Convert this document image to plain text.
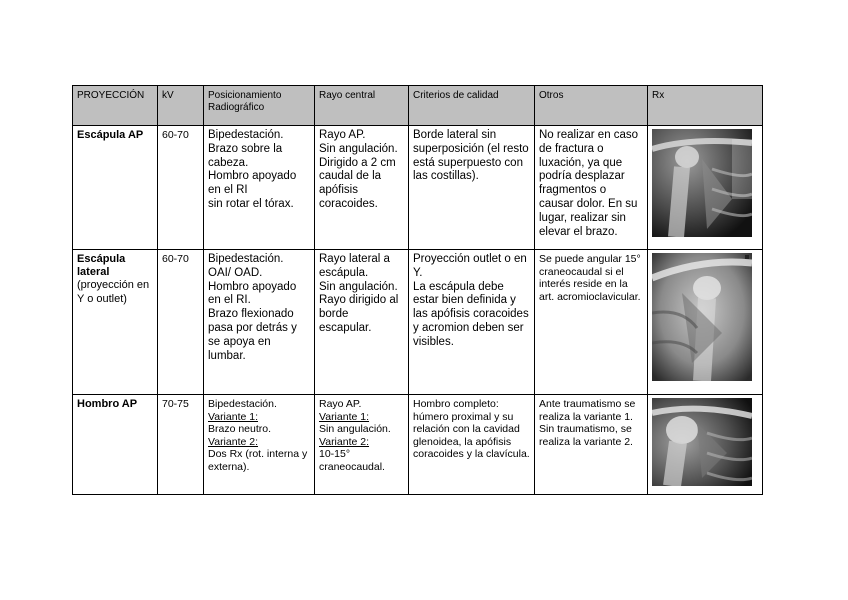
PROYECCIÓN	kV	Posicionamiento Radiográfico	Rayo central	Criterios de calidad	Otros	Rx

Escápula AP	60-70	Bipedestación.
Brazo sobre la cabeza.
Hombro apoyado en el RI
sin rotar el tórax.	Rayo AP.
Sin angulación.
Dirigido a 2 cm caudal de la apófisis coracoides.	Borde lateral sin superposición (el resto está superpuesto con las costillas).	No realizar en caso de fractura o luxación, ya que podría desplazar fragmentos o causar dolor. En su lugar, realizar sin elevar el brazo.	

Escápula lateral
(proyección en Y o outlet)	60-70	Bipedestación.
OAI/ OAD.
Hombro apoyado en el RI.
Brazo flexionado pasa por detrás y se apoya en lumbar.	Rayo lateral a escápula.
Sin angulación.
Rayo dirigido al borde escapular.	Proyección outlet o en Y.
La escápula debe estar bien definida y las apófisis coracoides y acromion deben ser visibles.	Se puede angular 15° craneocaudal si el interés reside en la art. acromioclavicular.	

Hombro AP	70-75	Bipedestación.
Variante 1:
Brazo neutro.
Variante 2:
Dos Rx (rot. interna y externa).	Rayo AP.
Variante 1:
Sin angulación.
Variante 2:
10-15° craneocaudal.	Hombro completo: húmero proximal y su relación con la cavidad glenoidea, la apófisis coracoides y la clavícula.	Ante traumatismo se realiza la variante 1. Sin traumatismo, se realiza la variante 2.	
